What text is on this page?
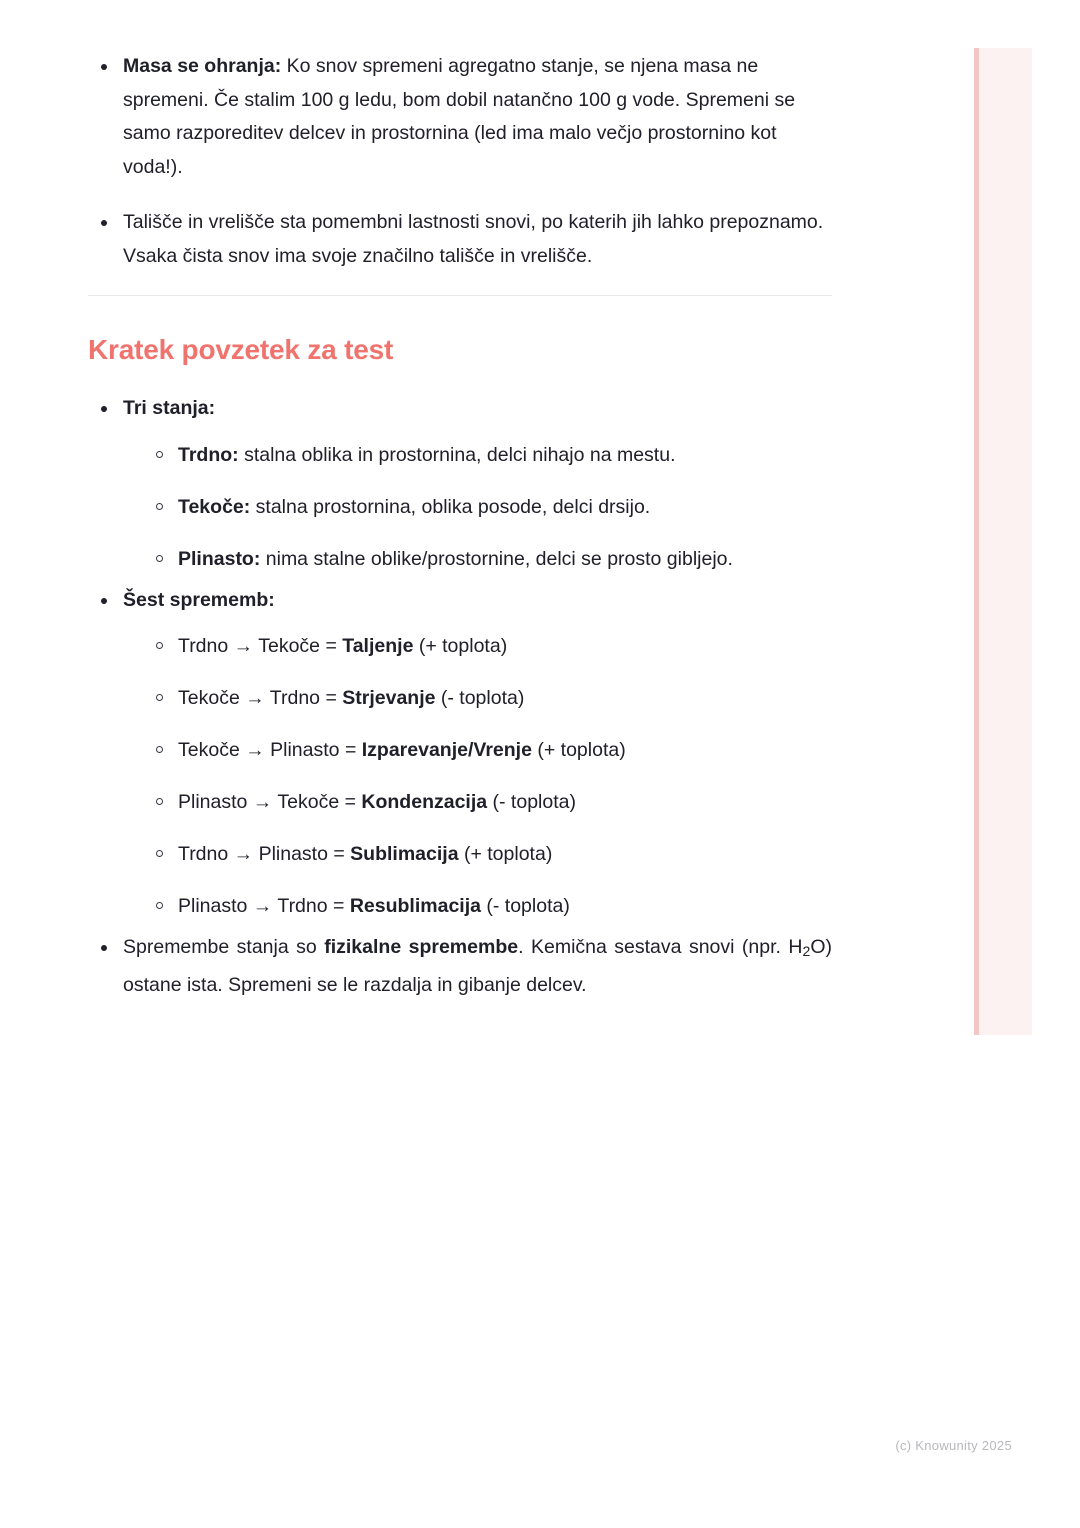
Masa se ohranja: Ko snov spremeni agregatno stanje, se njena masa ne spremeni. Če stalim 100 g ledu, bom dobil natančno 100 g vode. Spremeni se samo razporeditev delcev in prostornina (led ima malo večjo prostornino kot voda!).
Tališče in vrelišče sta pomembni lastnosti snovi, po katerih jih lahko prepoznamo. Vsaka čista snov ima svoje značilno tališče in vrelišče.
Kratek povzetek za test
Tri stanja:
Trdno: stalna oblika in prostornina, delci nihajo na mestu.
Tekoče: stalna prostornina, oblika posode, delci drsijo.
Plinasto: nima stalne oblike/prostornine, delci se prosto gibljejo.
Šest sprememb:
Trdno → Tekoče = Taljenje (+ toplota)
Tekoče → Trdno = Strjevanje (- toplota)
Tekoče → Plinasto = Izparevanje/Vrenje (+ toplota)
Plinasto → Tekoče = Kondenzacija (- toplota)
Trdno → Plinasto = Sublimacija (+ toplota)
Plinasto → Trdno = Resublimacija (- toplota)
Spremembe stanja so fizikalne spremembe. Kemična sestava snovi (npr. $H_2O$) ostane ista. Spremeni se le razdalja in gibanje delcev.
(c) Knowunity 2025
